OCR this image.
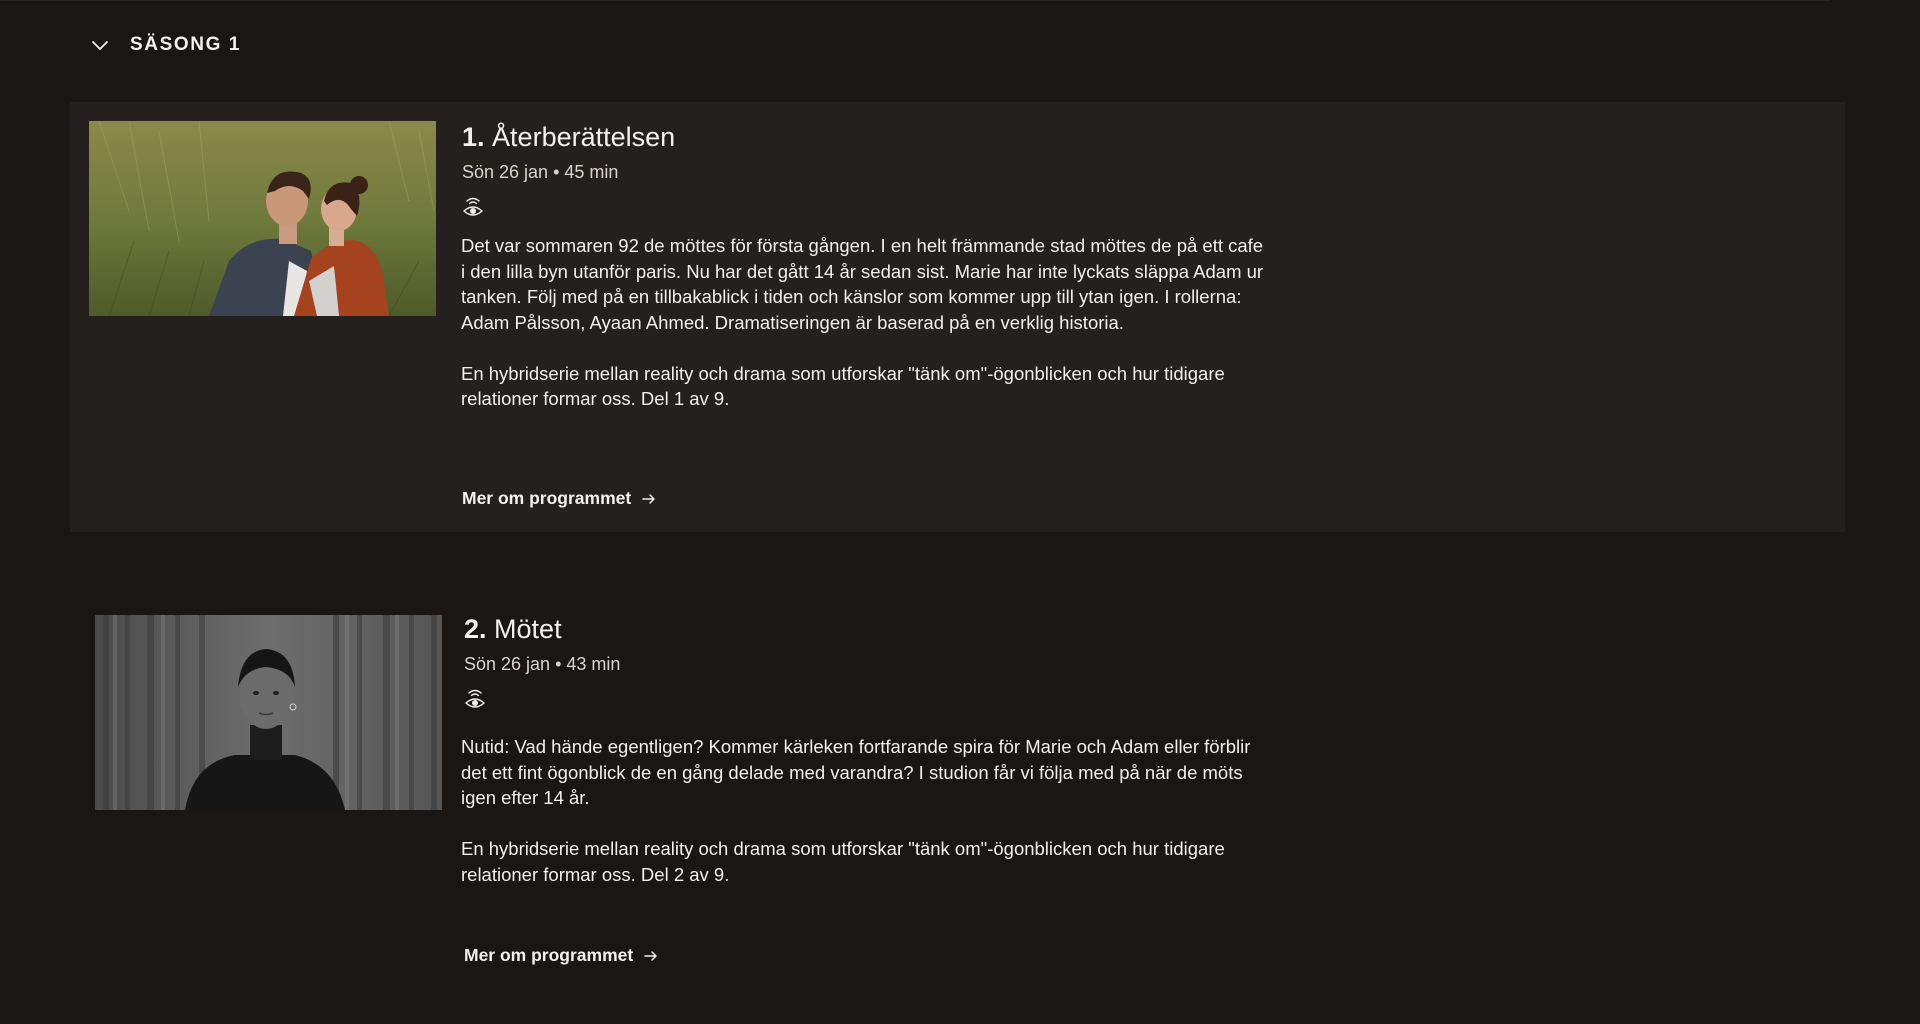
SÄSONG 1
1. Återberättelsen
Sön 26 jan • 45 min

Det var sommaren 92 de möttes för första gången. I en helt främmande stad möttes de på ett cafe i den lilla byn utanför paris. Nu har det gått 14 år sedan sist. Marie har inte lyckats släppa Adam ur tanken. Följ med på en tillbakablick i tiden och känslor som kommer upp till ytan igen. I rollerna: Adam Pålsson, Ayaan Ahmed. Dramatiseringen är baserad på en verklig historia.

En hybridserie mellan reality och drama som utforskar "tänk om"-ögonblicken och hur tidigare relationer formar oss. Del 1 av 9.

Mer om programmet
2. Mötet
Sön 26 jan • 43 min

Nutid: Vad hände egentligen? Kommer kärleken fortfarande spira för Marie och Adam eller förblir det ett fint ögonblick de en gång delade med varandra? I studion får vi följa med på när de möts igen efter 14 år.

En hybridserie mellan reality och drama som utforskar "tänk om"-ögonblicken och hur tidigare relationer formar oss. Del 2 av 9.

Mer om programmet
